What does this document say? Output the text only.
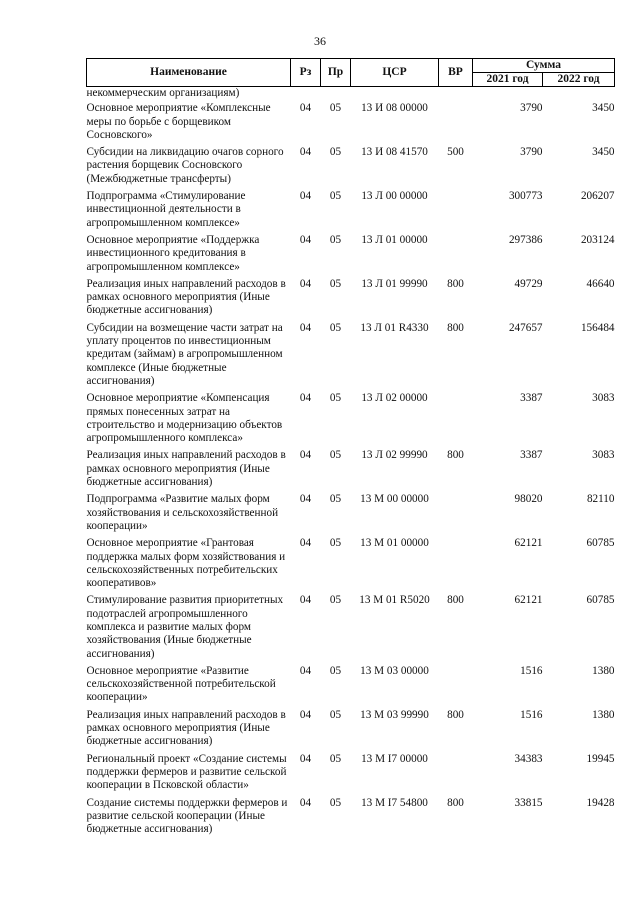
36
Наименование	Рз	Пр	ЦСР	ВР	Сумма	
					2021 год	2022 год
некоммерческим организациям)						
Основное мероприятие «Комплексные меры по борьбе с борщевиком Сосновского»	04	05	13 И 08 00000		3790	3450
Субсидии на ликвидацию очагов сорного растения борщевик Сосновского (Межбюджетные трансферты)	04	05	13 И 08 41570	500	3790	3450
Подпрограмма «Стимулирование инвестиционной деятельности в агропромышленном комплексе»	04	05	13 Л 00 00000		300773	206207
Основное мероприятие «Поддержка инвестиционного кредитования в агропромышленном комплексе»	04	05	13 Л 01 00000		297386	203124
Реализация иных направлений расходов в рамках основного мероприятия (Иные бюджетные ассигнования)	04	05	13 Л 01 99990	800	49729	46640
Субсидии на возмещение части затрат на уплату процентов по инвестиционным кредитам (займам) в агропромышленном комплексе (Иные бюджетные ассигнования)	04	05	13 Л 01 R4330	800	247657	156484
Основное мероприятие «Компенсация прямых понесенных затрат на строительство и модернизацию объектов агропромышленного комплекса»	04	05	13 Л 02 00000		3387	3083
Реализация иных направлений расходов в рамках основного мероприятия (Иные бюджетные ассигнования)	04	05	13 Л 02 99990	800	3387	3083
Подпрограмма «Развитие малых форм хозяйствования и сельскохозяйственной кооперации»	04	05	13 М 00 00000		98020	82110
Основное мероприятие «Грантовая поддержка малых форм хозяйствования и сельскохозяйственных потребительских кооперативов»	04	05	13 М 01 00000		62121	60785
Стимулирование развития приоритетных подотраслей агропромышленного комплекса и развитие малых форм хозяйствования (Иные бюджетные ассигнования)	04	05	13 М 01 R5020	800	62121	60785
Основное мероприятие «Развитие сельскохозяйственной потребительской кооперации»	04	05	13 М 03 00000		1516	1380
Реализация иных направлений расходов в рамках основного мероприятия (Иные бюджетные ассигнования)	04	05	13 М 03 99990	800	1516	1380
Региональный проект «Создание системы поддержки фермеров и развитие сельской кооперации в Псковской области»	04	05	13 М I7 00000		34383	19945
Создание системы поддержки фермеров и развитие сельской кооперации (Иные бюджетные ассигнования)	04	05	13 М I7 54800	800	33815	19428
